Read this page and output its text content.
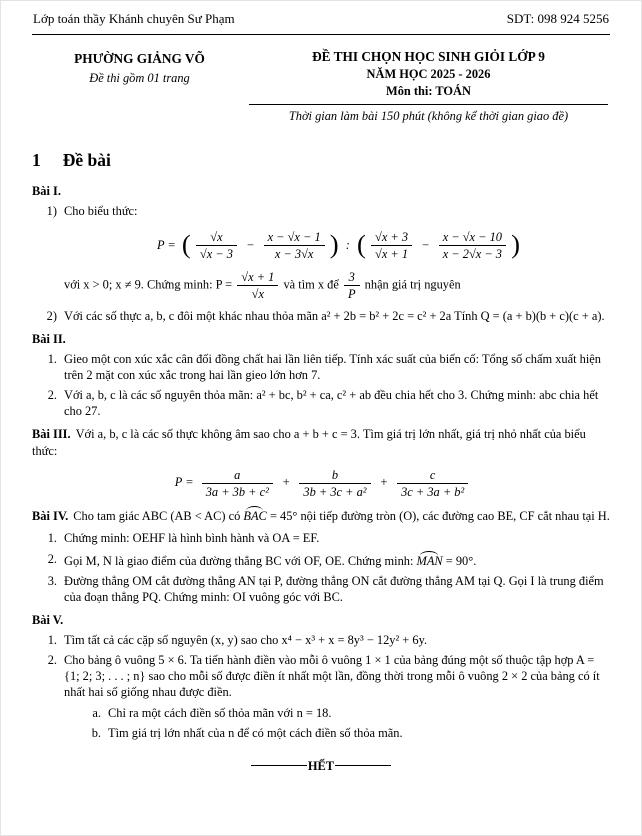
Lớp toán thầy Khánh chuyên Sư Phạm	SDT: 098 924 5256
PHƯỜNG GIẢNG VÕ
Đề thi gồm 01 trang
ĐỀ THI CHỌN HỌC SINH GIỎI LỚP 9
NĂM HỌC 2025 - 2026
Môn thi: TOÁN
Thời gian làm bài 150 phút (không kể thời gian giao đề)
1 Đề bài
Bài I.
1) Cho biểu thức:
P = ( $\frac{√x}{√x - 3} - \frac{x - √x - 1}{x - 3√x}$ ) : ( $\frac{√x + 3}{√x + 1} - \frac{x - √x - 10}{x - 2√x - 3}$ )
với x > 0; x ≠ 9. Chứng minh: $P = \frac{√x + 1}{√x}$ và tìm x để $\frac{3}{P}$ nhận giá trị nguyên
2) Với các số thực a, b, c đôi một khác nhau thỏa mãn a² + 2b = b² + 2c = c² + 2a Tính Q = (a + b)(b + c)(c + a).
Bài II.
1. Gieo một con xúc xắc cân đối đồng chất hai lần liên tiếp. Tính xác suất của biến cố: Tổng số chấm xuất hiện trên 2 mặt con xúc xắc trong hai lần gieo lớn hơn 7.
2. Với a, b, c là các số nguyên thỏa mãn: a² + bc, b² + ca, c² + ab đều chia hết cho 3. Chứng minh: abc chia hết cho 27.
Bài III. Với a, b, c là các số thực không âm sao cho a + b + c = 3. Tìm giá trị lớn nhất, giá trị nhỏ nhất của biểu thức:
$P = \frac{a}{\text{3a + 3b + c²}} + \frac{b}{\text{3b + 3c + a²}} + \frac{c}{\text{3c + 3a + b²}}$
Bài IV. Cho tam giác ABC (AB < AC) có BAC = 45° nội tiếp đường tròn (O), các đường cao BE, CF cắt nhau tại H.
1. Chứng minh: OEHF là hình bình hành và OA = EF.
2. Gọi M, N là giao điểm của đường thẳng BC với OF, OE. Chứng minh: MAN = 90°.
3. Đường thẳng OM cắt đường thẳng AN tại P, đường thẳng ON cắt đường thẳng AM tại Q. Gọi I là trung điểm của đoạn thẳng PQ. Chứng minh: OI vuông góc với BC.
Bài V.
1. Tìm tất cả các cặp số nguyên (x, y) sao cho x⁴ − x³ + x = 8y³ − 12y² + 6y.
2. Cho bảng ô vuông 5 × 6. Ta tiến hành điền vào mỗi ô vuông 1 × 1 của bảng đúng một số thuộc tập hợp A = {1; 2; 3; . . . ; n} sao cho mỗi số được điền ít nhất một lần, đồng thời trong mỗi ô vuông 2 × 2 của bảng có ít nhất hai số giống nhau được điền.
a. Chỉ ra một cách điền số thỏa mãn với n = 18.
b. Tìm giá trị lớn nhất của n để có một cách điền số thỏa mãn.
HẾT
